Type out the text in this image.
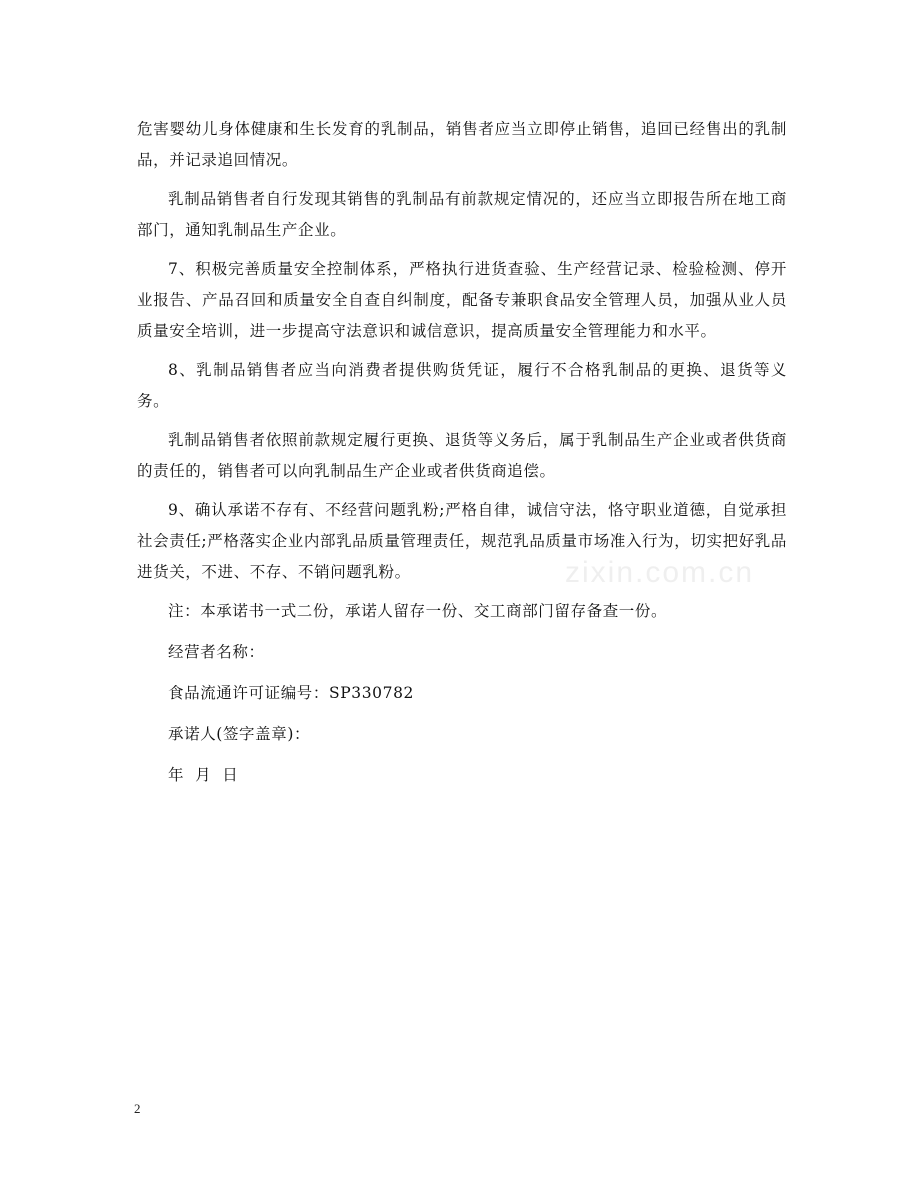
危害婴幼儿身体健康和生长发育的乳制品，销售者应当立即停止销售，追回已经售出的乳制品，并记录追回情况。

乳制品销售者自行发现其销售的乳制品有前款规定情况的，还应当立即报告所在地工商部门，通知乳制品生产企业。

7、积极完善质量安全控制体系，严格执行进货查验、生产经营记录、检验检测、停开业报告、产品召回和质量安全自查自纠制度，配备专兼职食品安全管理人员，加强从业人员质量安全培训，进一步提高守法意识和诚信意识，提高质量安全管理能力和水平。

8、乳制品销售者应当向消费者提供购货凭证，履行不合格乳制品的更换、退货等义务。

乳制品销售者依照前款规定履行更换、退货等义务后，属于乳制品生产企业或者供货商的责任的，销售者可以向乳制品生产企业或者供货商追偿。

9、确认承诺不存有、不经营问题乳粉;严格自律，诚信守法，恪守职业道德，自觉承担社会责任;严格落实企业内部乳品质量管理责任，规范乳品质量市场准入行为，切实把好乳品进货关，不进、不存、不销问题乳粉。

注：本承诺书一式二份，承诺人留存一份、交工商部门留存备查一份。

经营者名称：

食品流通许可证编号：SP330782

承诺人(签字盖章)：

年  月  日

zixin.com.cn
2
